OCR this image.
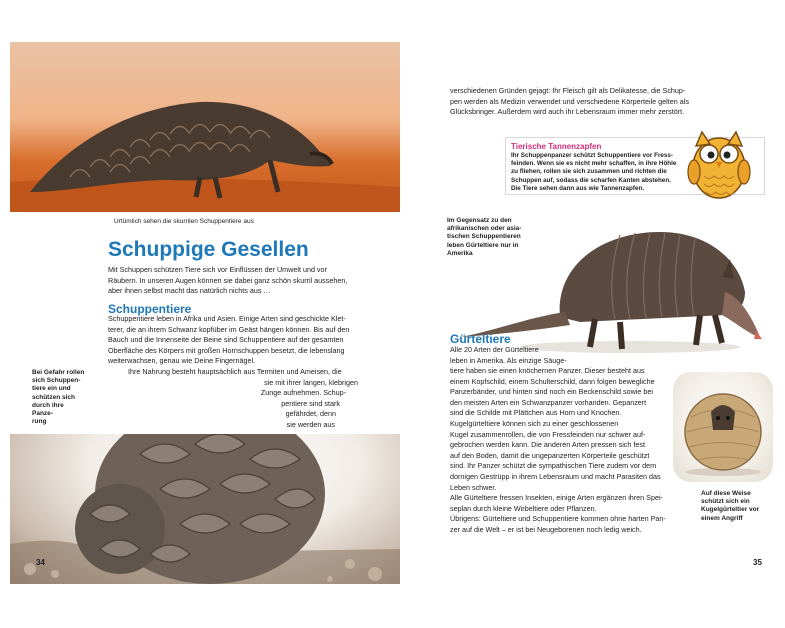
Urtümlich sehen die skurrilen Schuppentiere aus
Schuppige Gesellen

Mit Schuppen schützen Tiere sich vor Einflüssen der Umwelt und vor

Räubern. In unseren Augen können sie dabei ganz schön skurril aussehen,

aber ihnen selbst macht das natürlich nichts aus …

Schuppentiere

Schuppentiere leben in Afrika und Asien. Einige Arten sind geschickte Klet-

terer, die an ihrem Schwanz kopfüber im Geäst hängen können. Bis auf den

Bauch und die Innenseite der Beine sind Schuppentiere auf der gesamten

Oberfläche des Körpers mit großen Hornschuppen besetzt, die lebenslang

weiterwachsen, genau wie Deine Fingernägel.

Ihre Nahrung besteht hauptsächlich aus Termiten und Ameisen, die

sie mit ihrer langen, klebrigen

Zunge aufnehmen. Schup-

pentiere sind stark

gefährdet, denn

sie werden aus

Bei Gefahr rollen
sich Schuppen-
tiere ein und
schützen sich
durch ihre
Panze-
rung
34

verschiedenen Gründen gejagt: Ihr Fleisch gilt als Delikatesse, die Schup-

pen werden als Medizin verwendet und verschiedene Körperteile gelten als

Glücksbringer. Außerdem wird auch ihr Lebensraum immer mehr zerstört.

Tierische Tannenzapfen
Ihr Schuppenpanzer schützt Schuppentiere vor Fress-
feinden. Wenn sie es nicht mehr schaffen, in ihre Höhle
zu fliehen, rollen sie sich zusammen und richten die
Schuppen auf, sodass die scharfen Kanten abstehen.
Die Tiere sehen dann aus wie Tannenzapfen.
Im Gegensatz zu den
afrikanischen oder asia-
tischen Schuppentieren
leben Gürteltiere nur in
Amerika
Gürteltiere

Alle 20 Arten der Gürteltiere

leben in Amerika. Als einzige Säuge-

tiere haben sie einen knöchernen Panzer. Dieser besteht aus

einem Kopfschild, einem Schulterschild, dann folgen bewegliche

Panzerbänder, und hinten sind noch ein Beckenschild sowie bei

den meisten Arten ein Schwanzpanzer vorhanden. Gepanzert

sind die Schilde mit Plättchen aus Horn und Knochen.

Kugelgürteltiere können sich zu einer geschlossenen

Kugel zusammenrollen, die von Fressfeinden nur schwer auf-

gebrochen werden kann. Die anderen Arten pressen sich fest

auf den Boden, damit die ungepanzerten Körperteile geschützt

sind. Ihr Panzer schützt die sympathischen Tiere zudem vor dem

dornigen Gestrüpp in ihrem Lebensraum und macht Parasiten das

Leben schwer.

Alle Gürteltiere fressen Insekten, einige Arten ergänzen ihren Spei-

seplan durch kleine Wirbeltiere oder Pflanzen.

Übrigens: Gürteltiere und Schuppentiere kommen ohne harten Pan-

zer auf die Welt – er ist bei Neugeborenen noch ledig weich.

Auf diese Weise
schützt sich ein
Kugelgürteltier vor
einem Angriff
35
